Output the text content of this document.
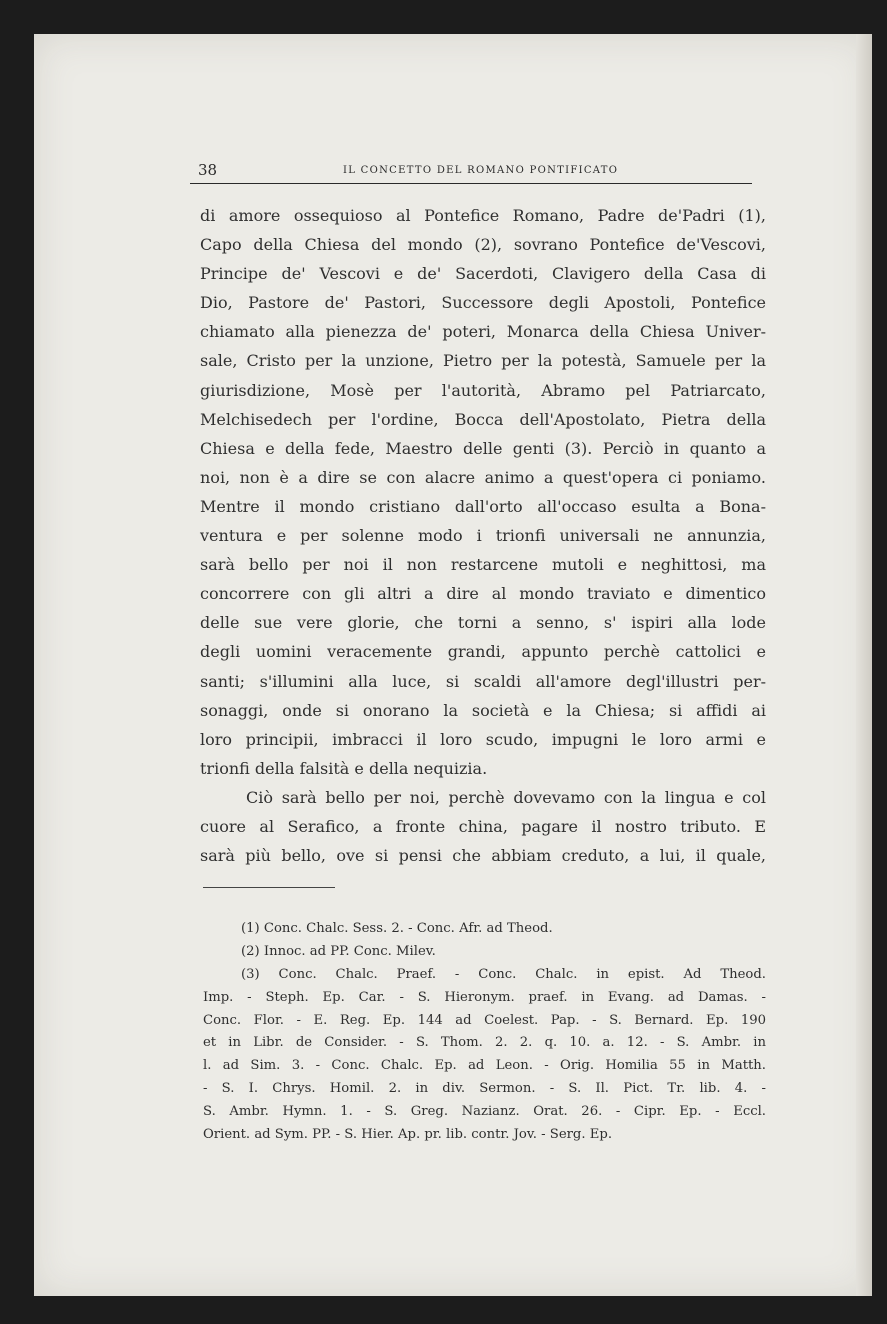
38	IL CONCETTO DEL ROMANO PONTIFICATO
di amore ossequioso al Pontefice Romano, Padre de'Padri (1),
Capo della Chiesa del mondo (2), sovrano Pontefice de'Vescovi,
Principe de' Vescovi e de' Sacerdoti, Clavigero della Casa di
Dio, Pastore de' Pastori, Successore degli Apostoli, Pontefice
chiamato alla pienezza de' poteri, Monarca della Chiesa Univer-
sale, Cristo per la unzione, Pietro per la potestà, Samuele per la
giurisdizione, Mosè per l'autorità, Abramo pel Patriarcato,
Melchisedech per l'ordine, Bocca dell'Apostolato, Pietra della
Chiesa e della fede, Maestro delle genti (3). Perciò in quanto a
noi, non è a dire se con alacre animo a quest'opera ci poniamo.
Mentre il mondo cristiano dall'orto all'occaso esulta a Bona-
ventura e per solenne modo i trionfi universali ne annunzia,
sarà bello per noi il non restarcene mutoli e neghittosi, ma
concorrere con gli altri a dire al mondo traviato e dimentico
delle sue vere glorie, che torni a senno, s' ispiri alla lode
degli uomini veracemente grandi, appunto perchè cattolici e
santi; s'illumini alla luce, si scaldi all'amore degl'illustri per-
sonaggi, onde si onorano la società e la Chiesa; si affidi ai
loro principii, imbracci il loro scudo, impugni le loro armi e
trionfi della falsità e della nequizia.
Ciò sarà bello per noi, perchè dovevamo con la lingua e col
cuore al Serafico, a fronte china, pagare il nostro tributo. E
sarà più bello, ove si pensi che abbiam creduto, a lui, il quale,
(1) Conc. Chalc. Sess. 2. - Conc. Afr. ad Theod.
(2) Innoc. ad PP. Conc. Milev.
(3) Conc. Chalc. Praef. - Conc. Chalc. in epist. Ad Theod.
Imp. - Steph. Ep. Car. - S. Hieronym. praef. in Evang. ad Damas. -
Conc. Flor. - E. Reg. Ep. 144 ad Coelest. Pap. - S. Bernard. Ep. 190
et in Libr. de Consider. - S. Thom. 2. 2. q. 10. a. 12. - S. Ambr. in
l. ad Sim. 3. - Conc. Chalc. Ep. ad Leon. - Orig. Homilia 55 in Matth.
- S. I. Chrys. Homil. 2. in div. Sermon. - S. Il. Pict. Tr. lib. 4. -
S. Ambr. Hymn. 1. - S. Greg. Nazianz. Orat. 26. - Cipr. Ep. - Eccl.
Orient. ad Sym. PP. - S. Hier. Ap. pr. lib. contr. Jov. - Serg. Ep.
